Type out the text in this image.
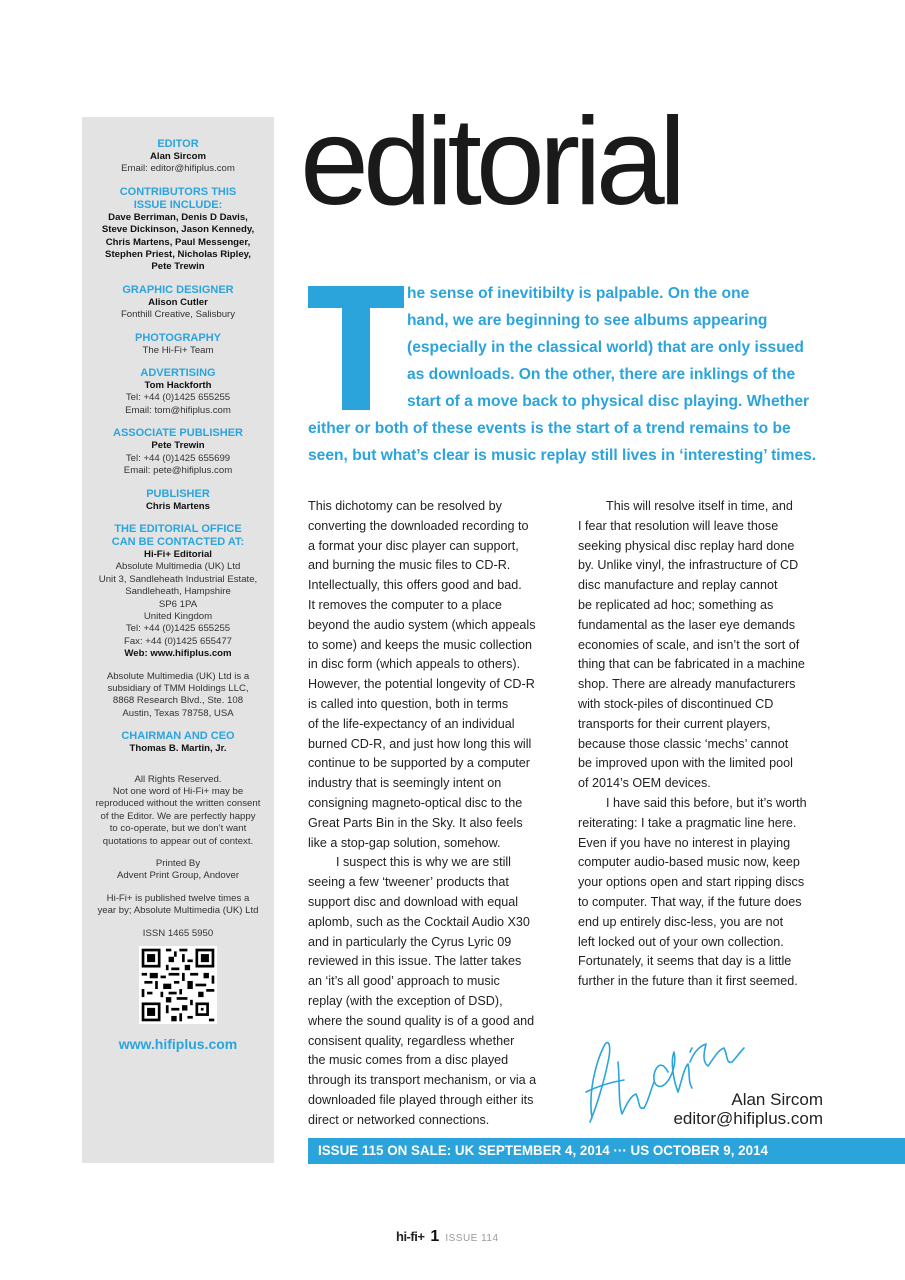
EDITOR
Alan Sircom
Email: editor@hifiplus.com
CONTRIBUTORS THIS
ISSUE INCLUDE:
Dave Berriman, Denis D Davis,
Steve Dickinson, Jason Kennedy,
Chris Martens, Paul Messenger,
Stephen Priest, Nicholas Ripley,
Pete Trewin
GRAPHIC DESIGNER
Alison Cutler
Fonthill Creative, Salisbury
PHOTOGRAPHY
The Hi-Fi+ Team
ADVERTISING
Tom Hackforth
Tel: +44 (0)1425 655255
Email: tom@hifiplus.com
ASSOCIATE PUBLISHER
Pete Trewin
Tel: +44 (0)1425 655699
Email: pete@hifiplus.com
PUBLISHER
Chris Martens
THE EDITORIAL OFFICE
CAN BE CONTACTED AT:
Hi-Fi+ Editorial
Absolute Multimedia (UK) Ltd
Unit 3, Sandleheath Industrial Estate,
Sandleheath, Hampshire
SP6 1PA
United Kingdom
Tel: +44 (0)1425 655255
Fax: +44 (0)1425 655477
Web: www.hifiplus.com
Absolute Multimedia (UK) Ltd is a
subsidiary of TMM Holdings LLC,
8868 Research Blvd., Ste. 108
Austin, Texas 78758, USA
CHAIRMAN AND CEO
Thomas B. Martin, Jr.
All Rights Reserved.
Not one word of Hi-Fi+ may be
reproduced without the written consent
of the Editor. We are perfectly happy
to co-operate, but we don’t want
quotations to appear out of context.
Printed By
Advent Print Group, Andover
Hi-Fi+ is published twelve times a
year by; Absolute Multimedia (UK) Ltd
ISSN 1465 5950
www.hifiplus.com
editorial
he sense of inevitibilty is palpable. On the one
hand, we are beginning to see albums appearing
(especially in the classical world) that are only issued
as downloads. On the other, there are inklings of the
start of a move back to physical disc playing. Whether
either or both of these events is the start of a trend remains to be
seen, but what’s clear is music replay still lives in ‘interesting’ times.

This dichotomy can be resolved by
converting the downloaded recording to
a format your disc player can support,
and burning the music files to CD-R.
Intellectually, this offers good and bad.
It removes the computer to a place
beyond the audio system (which appeals
to some) and keeps the music collection
in disc form (which appeals to others).
However, the potential longevity of CD-R
is called into question, both in terms
of the life-expectancy of an individual
burned CD-R, and just how long this will
continue to be supported by a computer
industry that is seemingly intent on
consigning magneto-optical disc to the
Great Parts Bin in the Sky. It also feels
like a stop-gap solution, somehow.

I suspect this is why we are still
seeing a few ‘tweener’ products that
support disc and download with equal
aplomb, such as the Cocktail Audio X30
and in particularly the Cyrus Lyric 09
reviewed in this issue. The latter takes
an ‘it’s all good’ approach to music
replay (with the exception of DSD),
where the sound quality is of a good and
consisent quality, regardless whether
the music comes from a disc played
through its transport mechanism, or via a
downloaded file played through either its
direct or networked connections.

This will resolve itself in time, and
I fear that resolution will leave those
seeking physical disc replay hard done
by. Unlike vinyl, the infrastructure of CD
disc manufacture and replay cannot
be replicated ad hoc; something as
fundamental as the laser eye demands
economies of scale, and isn’t the sort of
thing that can be fabricated in a machine
shop. There are already manufacturers
with stock-piles of discontinued CD
transports for their current players,
because those classic ‘mechs’ cannot
be improved upon with the limited pool
of 2014’s OEM devices.

I have said this before, but it’s worth
reiterating: I take a pragmatic line here.
Even if you have no interest in playing
computer audio-based music now, keep
your options open and start ripping discs
to computer. That way, if the future does
end up entirely disc-less, you are not
left locked out of your own collection.
Fortunately, it seems that day is a little
further in the future than it first seemed.

Alan Sircom
editor@hifiplus.com
ISSUE 115 ON SALE: UK SEPTEMBER 4, 2014 ··· US OCTOBER 9, 2014
hi-fi+ 1 ISSUE 114
